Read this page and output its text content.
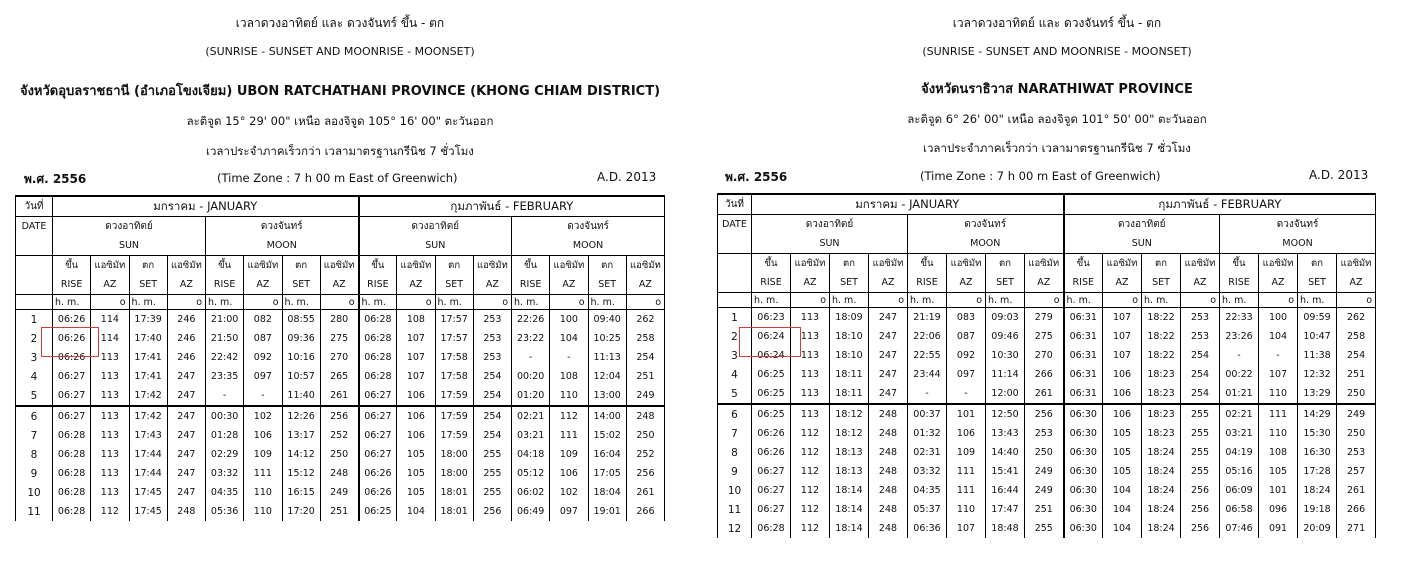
เวลาดวงอาทิตย์ และ ดวงจันทร์ ขึ้น - ตก
(SUNRISE - SUNSET AND MOONRISE - MOONSET)
จังหวัดอุบลราชธานี (อำเภอโขงเจียม) UBON RATCHATHANI PROVINCE (KHONG CHIAM DISTRICT)
ละติจูด 15° 29' 00" เหนือ ลองจิจูด 105° 16' 00" ตะวันออก
เวลาประจำภาคเร็วกว่า เวลามาตรฐานกรีนิช 7 ชั่วโมง
พ.ศ. 2556	(Time Zone : 7 h 00 m East of Greenwich)	A.D. 2013
เวลาดวงอาทิตย์ และ ดวงจันทร์ ขึ้น - ตก
(SUNRISE - SUNSET AND MOONRISE - MOONSET)
จังหวัดนราธิวาส NARATHIWAT PROVINCE
ละติจูด 6° 26' 00" เหนือ ลองจิจูด 101° 50' 00" ตะวันออก
เวลาประจำภาคเร็วกว่า เวลามาตรฐานกรีนิช 7 ชั่วโมง
พ.ศ. 2556	(Time Zone : 7 h 00 m East of Greenwich)	A.D. 2013
วันที่	มกราคม - JANUARY								กุมภาพันธ์ - FEBRUARY							
DATE	ดวงอาทิตย์				ดวงจันทร์				ดวงอาทิตย์				ดวงจันทร์			
	SUN				MOON				SUN				MOON			
	ขึ้น	แอซิมัท	ตก	แอซิมัท	ขึ้น	แอซิมัท	ตก	แอซิมัท	ขึ้น	แอซิมัท	ตก	แอซิมัท	ขึ้น	แอซิมัท	ตก	แอซิมัท
	RISE	AZ	SET	AZ	RISE	AZ	SET	AZ	RISE	AZ	SET	AZ	RISE	AZ	SET	AZ
	h. m.	o	h. m.	o	h. m.	o	h. m.	o	h. m.	o	h. m.	o	h. m.	o	h. m.	o
1	06:26	114	17:39	246	21:00	082	08:55	280	06:28	108	17:57	253	22:26	100	09:40	262
2	06:26	114	17:40	246	21:50	087	09:36	275	06:28	107	17:57	253	23:22	104	10:25	258
3	06:26	113	17:41	246	22:42	092	10:16	270	06:28	107	17:58	253	-	-	11:13	254
4	06:27	113	17:41	247	23:35	097	10:57	265	06:28	107	17:58	254	00:20	108	12:04	251
5	06:27	113	17:42	247	-	-	11:40	261	06:27	106	17:59	254	01:20	110	13:00	249
6	06:27	113	17:42	247	00:30	102	12:26	256	06:27	106	17:59	254	02:21	112	14:00	248
7	06:28	113	17:43	247	01:28	106	13:17	252	06:27	106	17:59	254	03:21	111	15:02	250
8	06:28	113	17:44	247	02:29	109	14:12	250	06:27	105	18:00	255	04:18	109	16:04	252
9	06:28	113	17:44	247	03:32	111	15:12	248	06:26	105	18:00	255	05:12	106	17:05	256
10	06:28	113	17:45	247	04:35	110	16:15	249	06:26	105	18:01	255	06:02	102	18:04	261
11	06:28	112	17:45	248	05:36	110	17:20	251	06:25	104	18:01	256	06:49	097	19:01	266
วันที่	มกราคม - JANUARY								กุมภาพันธ์ - FEBRUARY							
DATE	ดวงอาทิตย์				ดวงจันทร์				ดวงอาทิตย์				ดวงจันทร์			
	SUN				MOON				SUN				MOON			
	ขึ้น	แอซิมัท	ตก	แอซิมัท	ขึ้น	แอซิมัท	ตก	แอซิมัท	ขึ้น	แอซิมัท	ตก	แอซิมัท	ขึ้น	แอซิมัท	ตก	แอซิมัท
	RISE	AZ	SET	AZ	RISE	AZ	SET	AZ	RISE	AZ	SET	AZ	RISE	AZ	SET	AZ
	h. m.	o	h. m.	o	h. m.	o	h. m.	o	h. m.	o	h. m.	o	h. m.	o	h. m.	o
1	06:23	113	18:09	247	21:19	083	09:03	279	06:31	107	18:22	253	22:33	100	09:59	262
2	06:24	113	18:10	247	22:06	087	09:46	275	06:31	107	18:22	253	23:26	104	10:47	258
3	06:24	113	18:10	247	22:55	092	10:30	270	06:31	107	18:22	254	-	-	11:38	254
4	06:25	113	18:11	247	23:44	097	11:14	266	06:31	106	18:23	254	00:22	107	12:32	251
5	06:25	113	18:11	247	-	-	12:00	261	06:31	106	18:23	254	01:21	110	13:29	250
6	06:25	113	18:12	248	00:37	101	12:50	256	06:30	106	18:23	255	02:21	111	14:29	249
7	06:26	112	18:12	248	01:32	106	13:43	253	06:30	105	18:23	255	03:21	110	15:30	250
8	06:26	112	18:13	248	02:31	109	14:40	250	06:30	105	18:24	255	04:19	108	16:30	253
9	06:27	112	18:13	248	03:32	111	15:41	249	06:30	105	18:24	255	05:16	105	17:28	257
10	06:27	112	18:14	248	04:35	111	16:44	249	06:30	104	18:24	256	06:09	101	18:24	261
11	06:27	112	18:14	248	05:37	110	17:47	251	06:30	104	18:24	256	06:58	096	19:18	266
12	06:28	112	18:14	248	06:36	107	18:48	255	06:30	104	18:24	256	07:46	091	20:09	271
